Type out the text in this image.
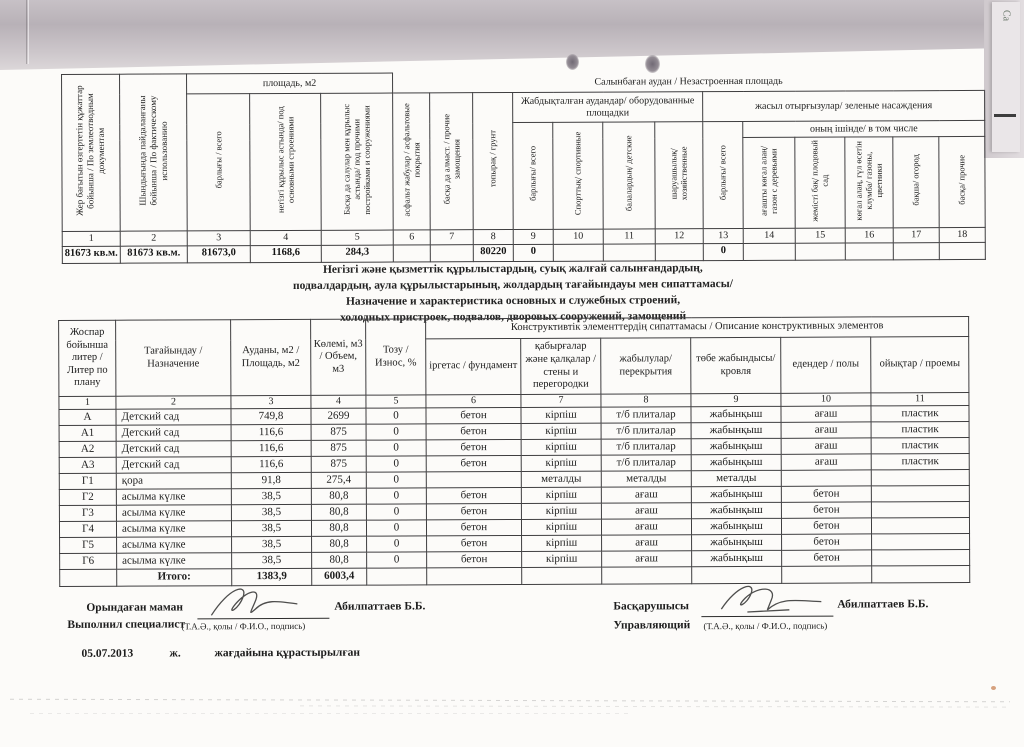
Са
Жер бағытын өзгертетін құжаттар бойынша / По землеотводным документам	Шындығында пайдаланғаны бойынша / По фактическому использованию	площадь, м2			Салынбаған аудан / Незастроенная площадь												
		барлығы / всего	негізгі құрылыс астында/ под основными строениями	Басқа да салулар мен құрылыс астында/ под прочими постройками и сооружениями	асфальт жабулар / асфальтовые покрытия	басқа да алмаст. / прочие замощения	топырақ / грунт	Жабдықталған аудандар/ оборудованные площадки				жасыл отырғызулар/ зеленые насаждения					
								барлығы/ всего	Спорттық/ спортивные	балалардың/ детские	шаруашылық/ хозяйственные	барлығы/ всего	оның ішінде/ в том числе				
													ағашты көгал алаң/ газон с деревьями	жемісті бақ/ плодовый сад	көгал алаң, гүл өсетін клумба/ газоны, цветники	бақша/ огород	басқа/ прочие
1	2	3	4	5	6	7	8	9	10	11	12	13	14	15	16	17	18
81673 кв.м.	81673 кв.м.	81673,0	1168,6	284,3			80220	0				0					
Негізгі және қызметтік құрылыстардың, суық жалғай салынғандардың,
подвалдардың, аула құрылыстарының, жолдардың тағайындауы мен сипаттамасы/
Назначение и характеристика основных и служебных строений,
холодных пристроек, подвалов, дворовых сооружений, замощений
Жоспар бойынша литер / Литер по плану	Тағайындау / Назначение	Ауданы, м2 / Площадь, м2	Көлемі, м3 / Объем, м3	Тозу / Износ, %	Конструктивтік элементтердің сипаттамасы / Описание конструктивных элементов					
					іргетас / фундамент	қабырғалар және қалқалар / стены и перегородки	жабылулар/ перекрытия	төбе жабындысы/ кровля	едендер / полы	ойықтар / проемы
1	2	3	4	5	6	7	8	9	10	11
А	Детский сад	749,8	2699	0	бетон	кірпіш	т/б плиталар	жабынқыш	ағаш	пластик
А1	Детский сад	116,6	875	0	бетон	кірпіш	т/б плиталар	жабынқыш	ағаш	пластик
А2	Детский сад	116,6	875	0	бетон	кірпіш	т/б плиталар	жабынқыш	ағаш	пластик
А3	Детский сад	116,6	875	0	бетон	кірпіш	т/б плиталар	жабынқыш	ағаш	пластик
Г1	қора	91,8	275,4	0		металды	металды	металды		
Г2	асылма күлке	38,5	80,8	0	бетон	кірпіш	ағаш	жабынқыш	бетон	
Г3	асылма күлке	38,5	80,8	0	бетон	кірпіш	ағаш	жабынқыш	бетон	
Г4	асылма күлке	38,5	80,8	0	бетон	кірпіш	ағаш	жабынқыш	бетон	
Г5	асылма күлке	38,5	80,8	0	бетон	кірпіш	ағаш	жабынқыш	бетон	
Г6	асылма күлке	38,5	80,8	0	бетон	кірпіш	ағаш	жабынқыш	бетон	
	Итого:	1383,9	6003,4							
Орындаған маман	Абилпаттаев Б.Б.
Выполнил специалист
(Т.А.Ә., қолы / Ф.И.О., подпись)
Басқарушысы	Абилпаттаев Б.Б.
Управляющий (Т.А.Ә., қолы / Ф.И.О., подпись)
05.07.2013	ж.	жағдайына құрастырылған
